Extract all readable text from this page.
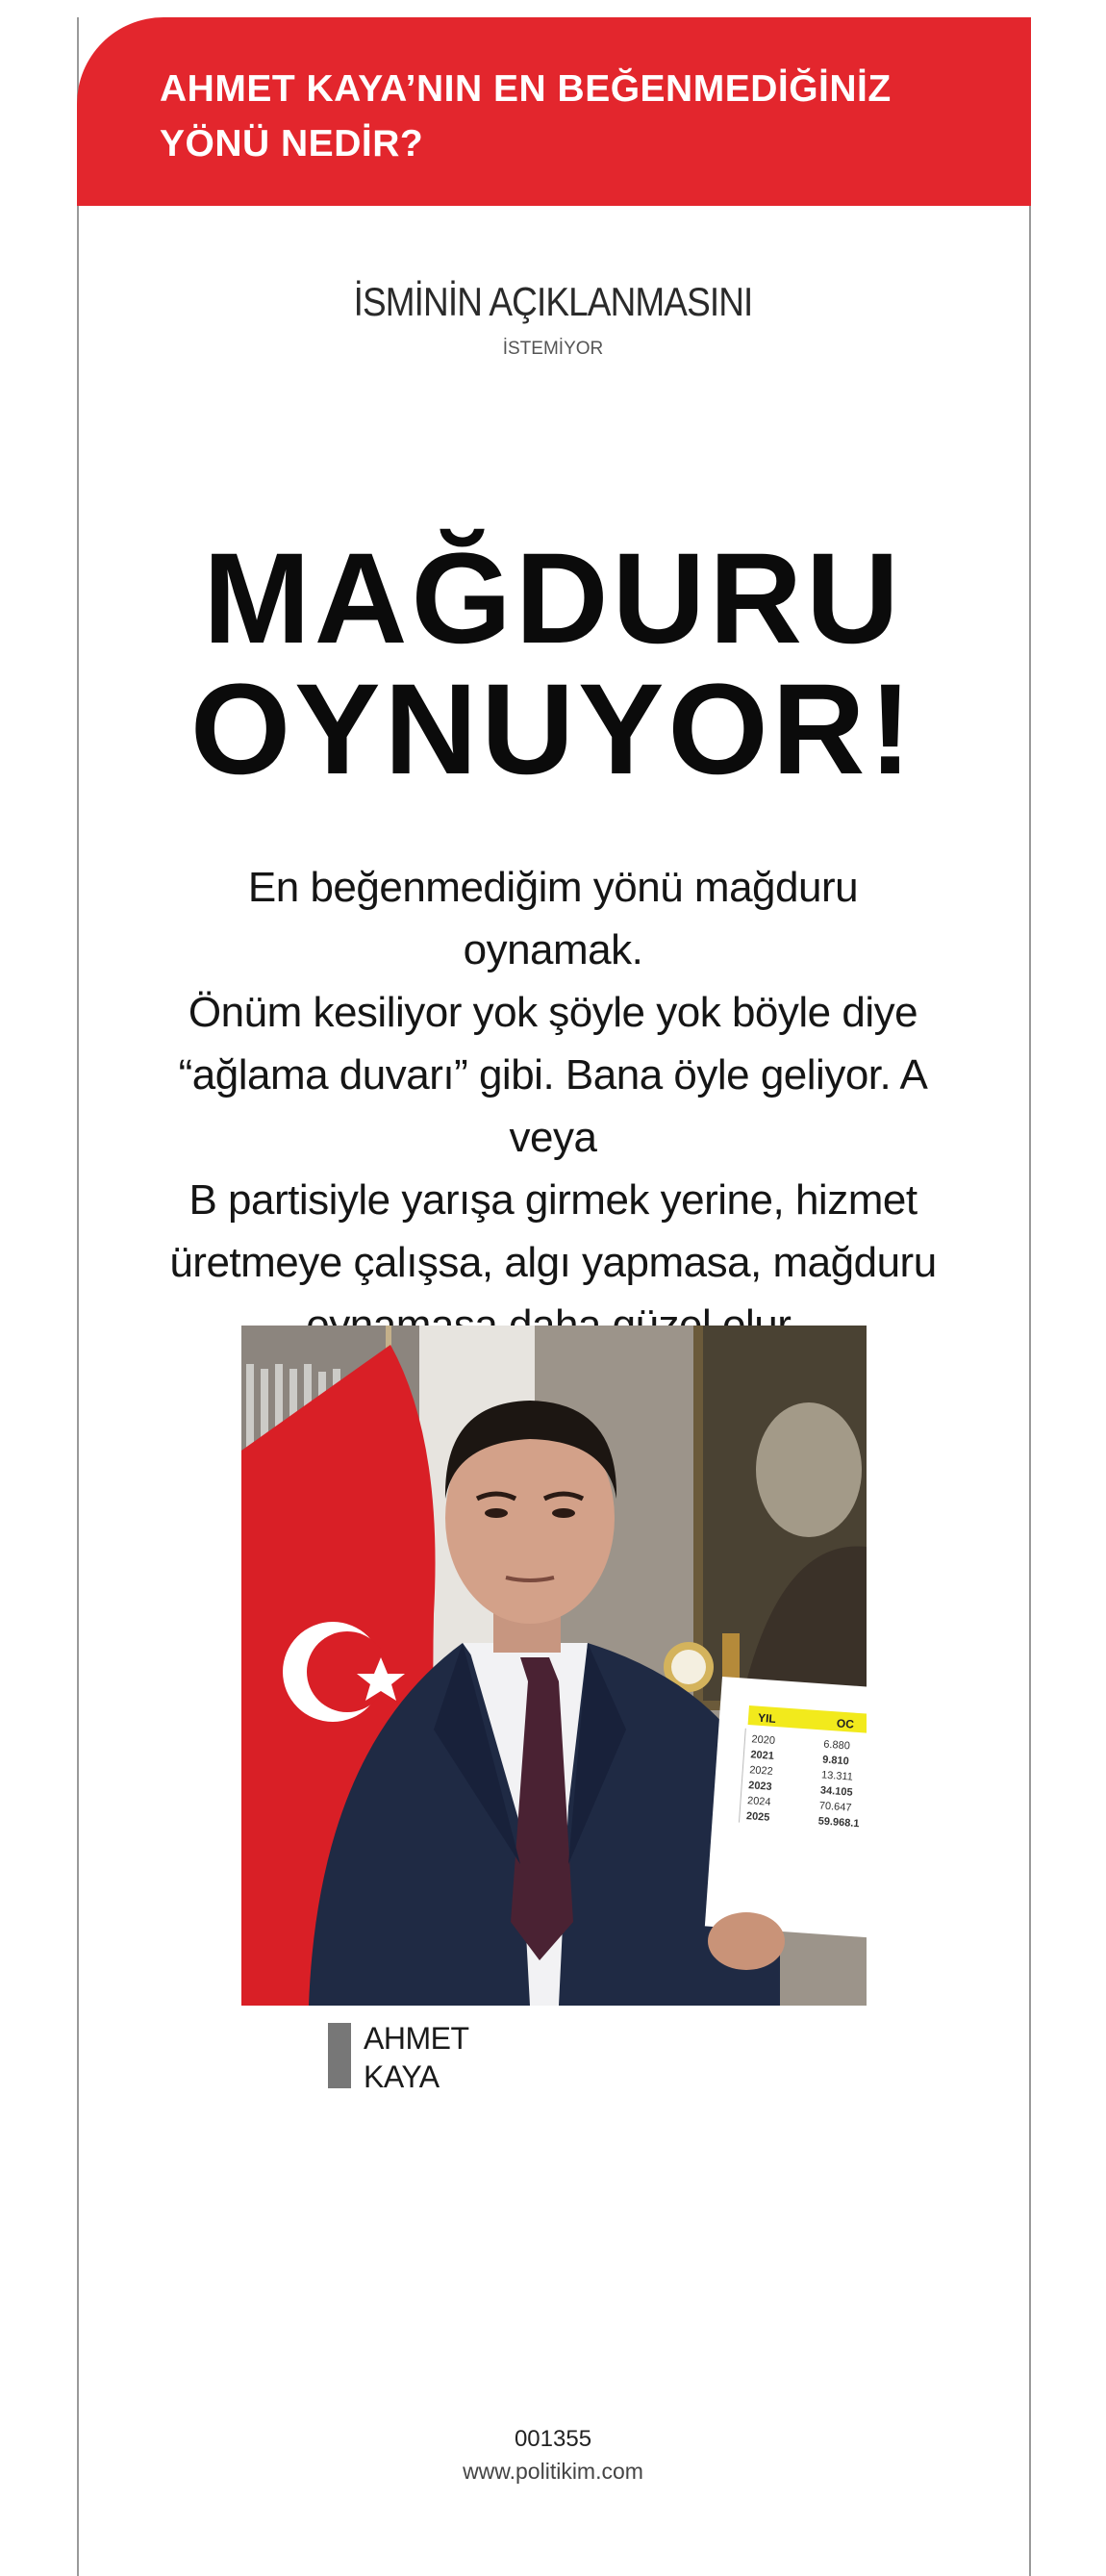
AHMET KAYA’NIN EN BEĞENMEDİĞİNİZ
YÖNÜ NEDİR?
İSMİNİN AÇIKLANMASINI
İSTEMİYOR
MAĞDURU
OYNUYOR!

En beğenmediğim yönü mağduru oynamak.
Önüm kesiliyor yok şöyle yok böyle diye
“ağlama duvarı” gibi. Bana öyle geliyor. A veya
B partisiyle yarışa girmek yerine, hizmet
üretmeye çalışsa, algı yapmasa, mağduru

YIL	OC
2020	6.880
2021	9.810
2022	13.311
2023	34.105
2024	70.647
2025	59.968.1
AHMET
KAYA
001355
www.politikim.com
